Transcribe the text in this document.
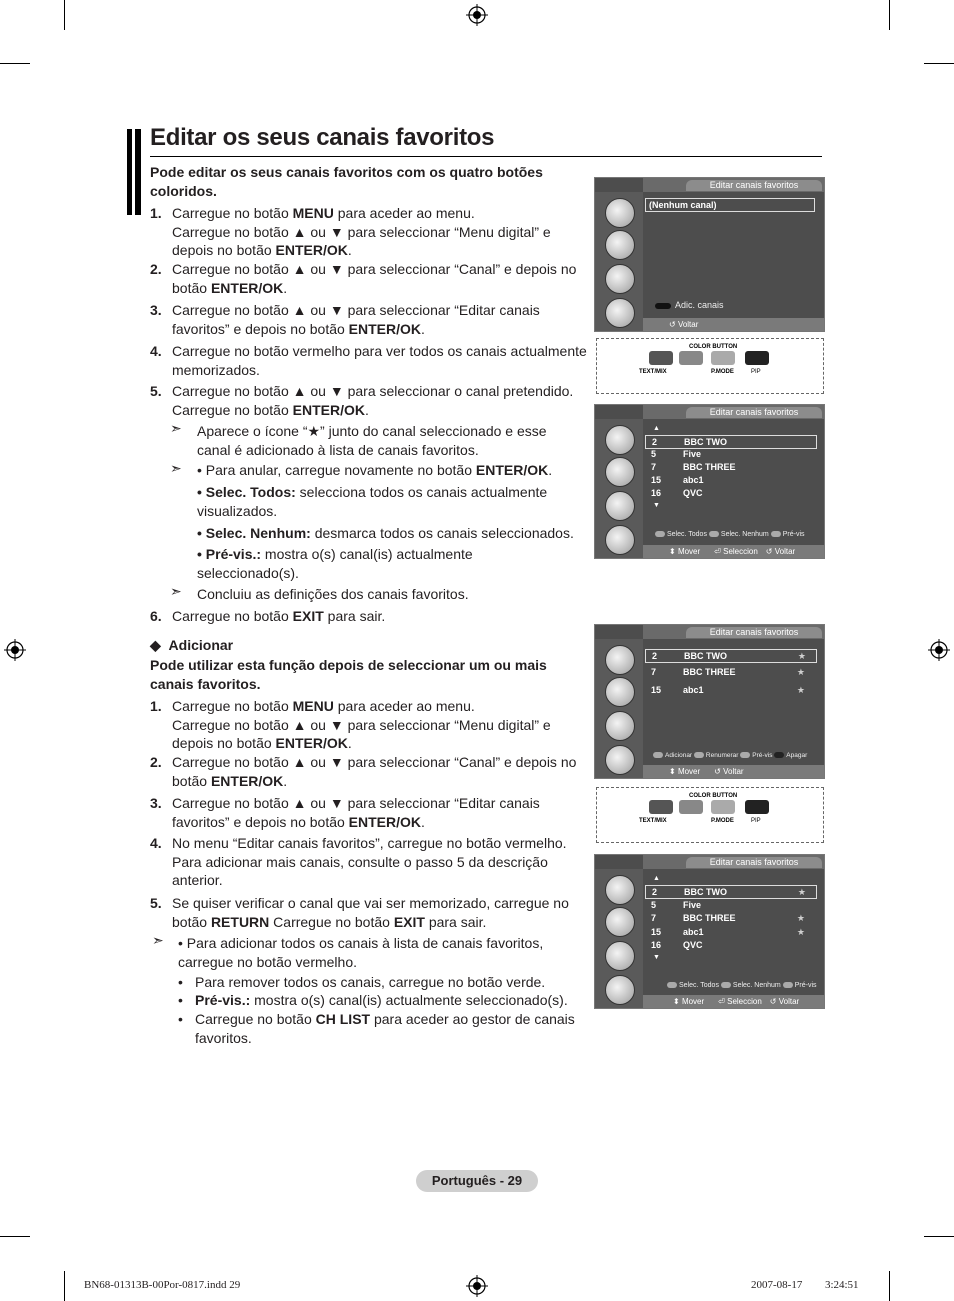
Editar os seus canais favoritos
Pode editar os seus canais favoritos com os quatro botões coloridos.
1. Carregue no botão MENU para aceder ao menu.
Carregue no botão ▲ ou ▼ para seleccionar “Menu digital” e depois no botão ENTER/OK.
2. Carregue no botão ▲ ou ▼ para seleccionar “Canal” e depois no botão ENTER/OK.
3. Carregue no botão ▲ ou ▼ para seleccionar “Editar canais favoritos” e depois no botão ENTER/OK.
4. Carregue no botão vermelho para ver todos os canais actualmente memorizados.
5. Carregue no botão ▲ ou ▼ para seleccionar o canal pretendido. Carregue no botão ENTER/OK.
➣ Aparece o ícone “★” junto do canal seleccionado e esse canal é adicionado à lista de canais favoritos.
➣ • Para anular, carregue novamente no botão ENTER/OK.
• Selec. Todos: selecciona todos os canais actualmente visualizados.
• Selec. Nenhum: desmarca todos os canais seleccionados.
• Pré-vis.: mostra o(s) canal(is) actualmente seleccionado(s).
➣ Concluiu as definições dos canais favoritos.
6. Carregue no botão EXIT para sair.
◆  Adicionar
Pode utilizar esta função depois de seleccionar um ou mais canais favoritos.
1. Carregue no botão MENU para aceder ao menu.
Carregue no botão ▲ ou ▼ para seleccionar “Menu digital” e depois no botão ENTER/OK.
2. Carregue no botão ▲ ou ▼ para seleccionar “Canal” e depois no botão ENTER/OK.
3. Carregue no botão ▲ ou ▼ para seleccionar “Editar canais favoritos” e depois no botão ENTER/OK.
4. No menu “Editar canais favoritos”, carregue no botão vermelho. Para adicionar mais canais, consulte o passo 5 da descrição anterior.
5. Se quiser verificar o canal que vai ser memorizado, carregue no botão RETURN Carregue no botão EXIT para sair.
➣ • Para adicionar todos os canais à lista de canais favoritos, carregue no botão vermelho.
• Para remover todos os canais, carregue no botão verde.
• Pré-vis.: mostra o(s) canal(is) actualmente seleccionado(s).
• Carregue no botão CH LIST para aceder ao gestor de canais favoritos.
Editar canais favoritos
(Nenhum canal)
Adic. canais
↺ Voltar
COLOR BUTTON
TEXT/MIX	P.MODE	PIP
Editar canais favoritos
▲
2	BBC TWO
5	Five
7	BBC THREE
15 abc1
16 QVC
▼
Selec. Todos Selec. Nenhum Pré-vis
⬍ Mover ⏎ Seleccion ↺ Voltar
Editar canais favoritos
2	BBC TWO	★
7	BBC THREE	★
15 abc1	★
Adicionar Renumerar Pré-vis Apagar
⬍ Mover ↺ Voltar
COLOR BUTTON
TEXT/MIX	P.MODE	PIP
Editar canais favoritos
▲
2	BBC TWO	★
5	Five
7	BBC THREE	★
15 abc1	★
16 QVC
▼
Selec. Todos Selec. Nenhum Pré-vis
⬍ Mover ⏎ Seleccion ↺ Voltar
Português - 29
BN68-01313B-00Por-0817.indd 29	2007-08-17 ￿￿ 3:24:51
